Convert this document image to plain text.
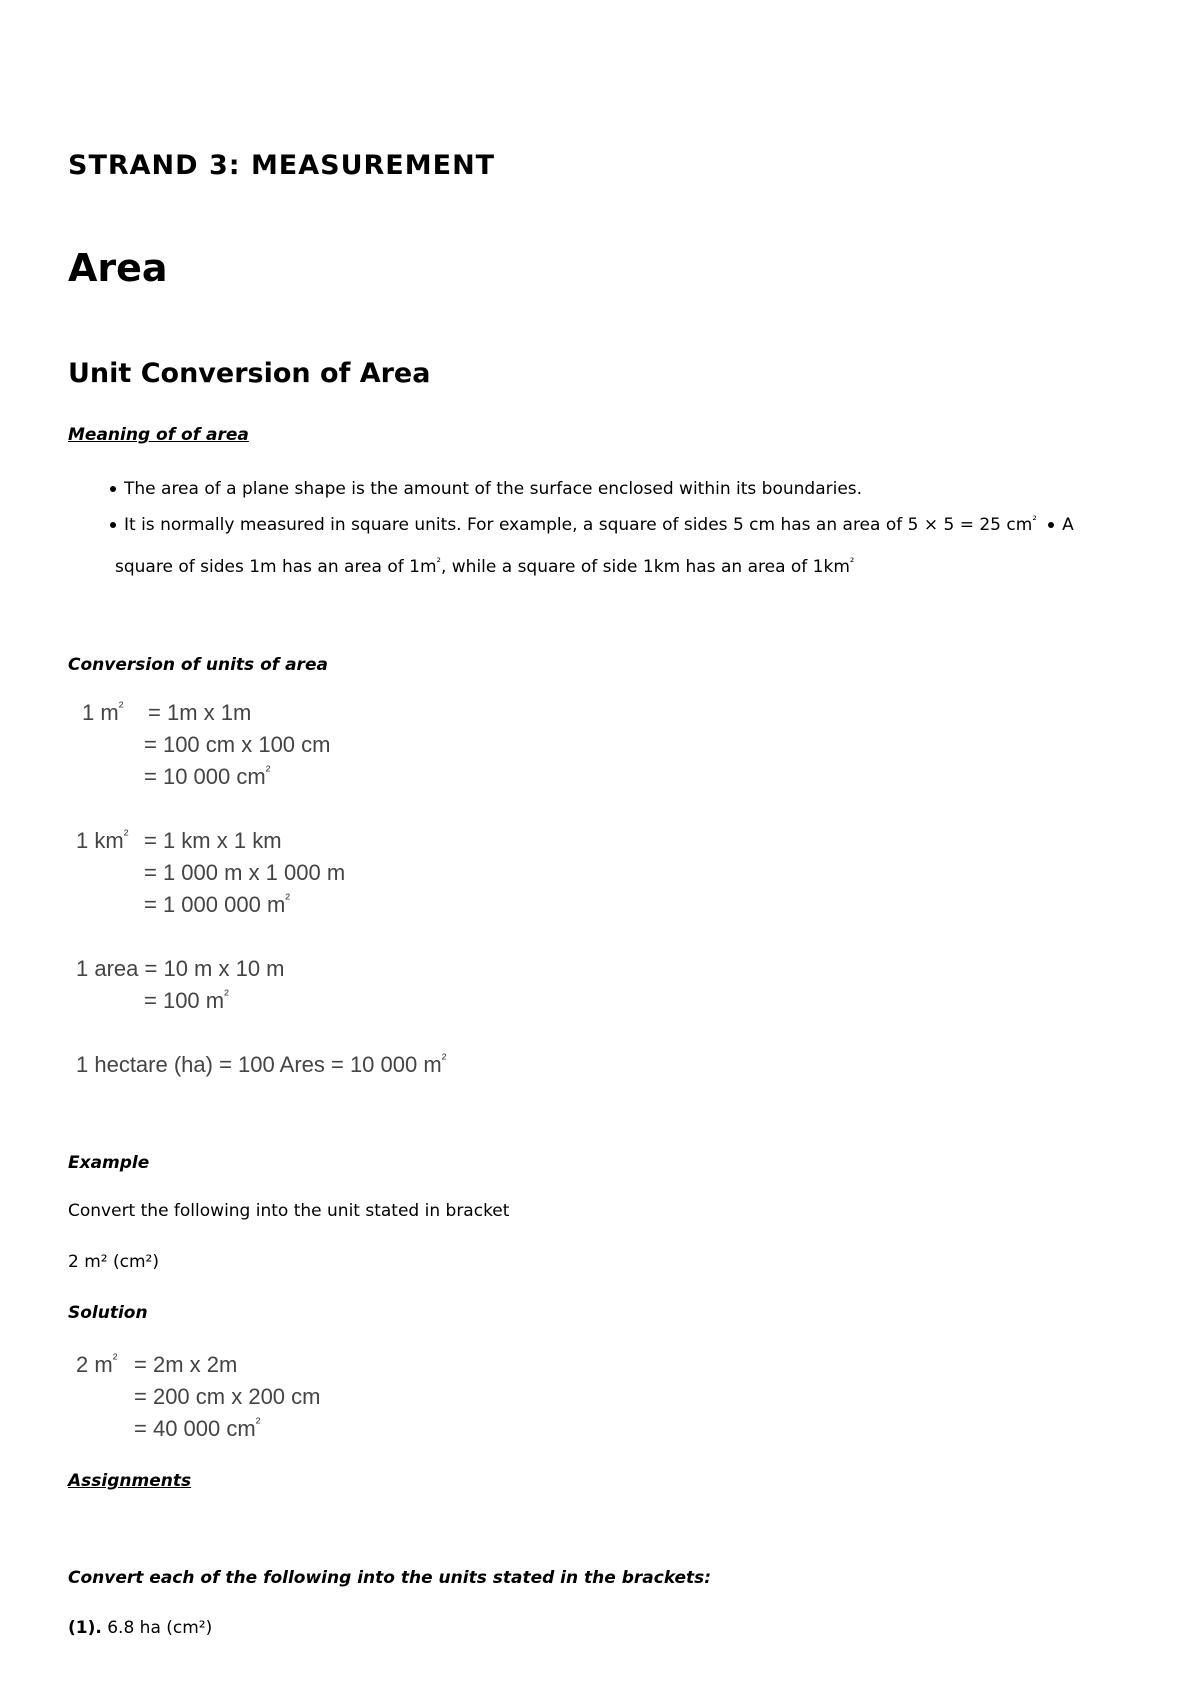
STRAND 3: MEASUREMENT
Area
Unit Conversion of Area
Meaning of of area
The area of a plane shape is the amount of the surface enclosed within its boundaries.
It is normally measured in square units. For example, a square of sides 5 cm has an area of 5 × 5 = 25 $cm^{^2}$ A
square of sides 1m has an area of $1m^{^2}$, while a square of side 1km has an area of $1km^{^2}$
Conversion of units of area
1 $m^{^2} = 1m$ x 1m
= 100 cm x 100 cm
= 10 000 $cm^{^2}$
1 $km^{^2} = 1$ km x 1 km
= 1 000 m x 1 000 m
= 1 000 000 $m^{^2}$
1 area = 10 m x 10 m
= 100 $m^{^2}$
1 hectare (ha) = 100 Ares = 10 000 $m^{^2}$
Example
Convert the following into the unit stated in bracket
2 m² (cm²)
Solution
2 $m^{^2} = 2m$ x 2m
= 200 cm x 200 cm
= 40 000 $cm^{^2}$
Assignments
Convert each of the following into the units stated in the brackets:
(1). 6.8 ha (cm²)
